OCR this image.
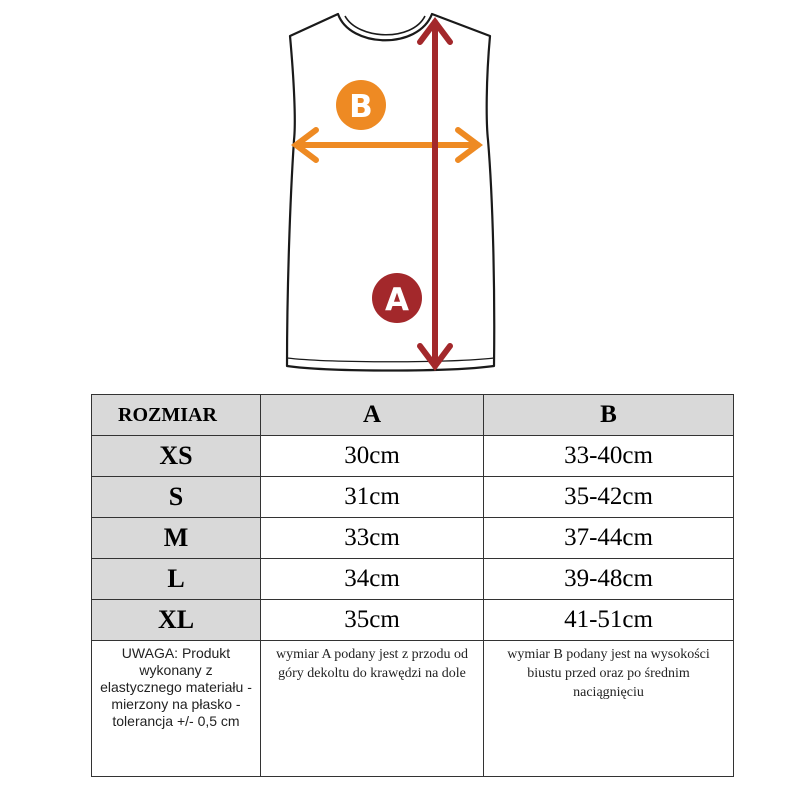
B
A
ROZMIAR	A	B
XS	30cm	33-40cm
S	31cm	35-42cm
M	33cm	37-44cm
L	34cm	39-48cm
XL	35cm	41-51cm
UWAGA: Produkt wykonany z elastycznego materiału - mierzony na płasko - tolerancja +/- 0,5 cm	wymiar A podany jest z przodu od góry dekoltu do krawędzi na dole	wymiar B podany jest na wysokości biustu przed oraz po średnim naciągnięciu
